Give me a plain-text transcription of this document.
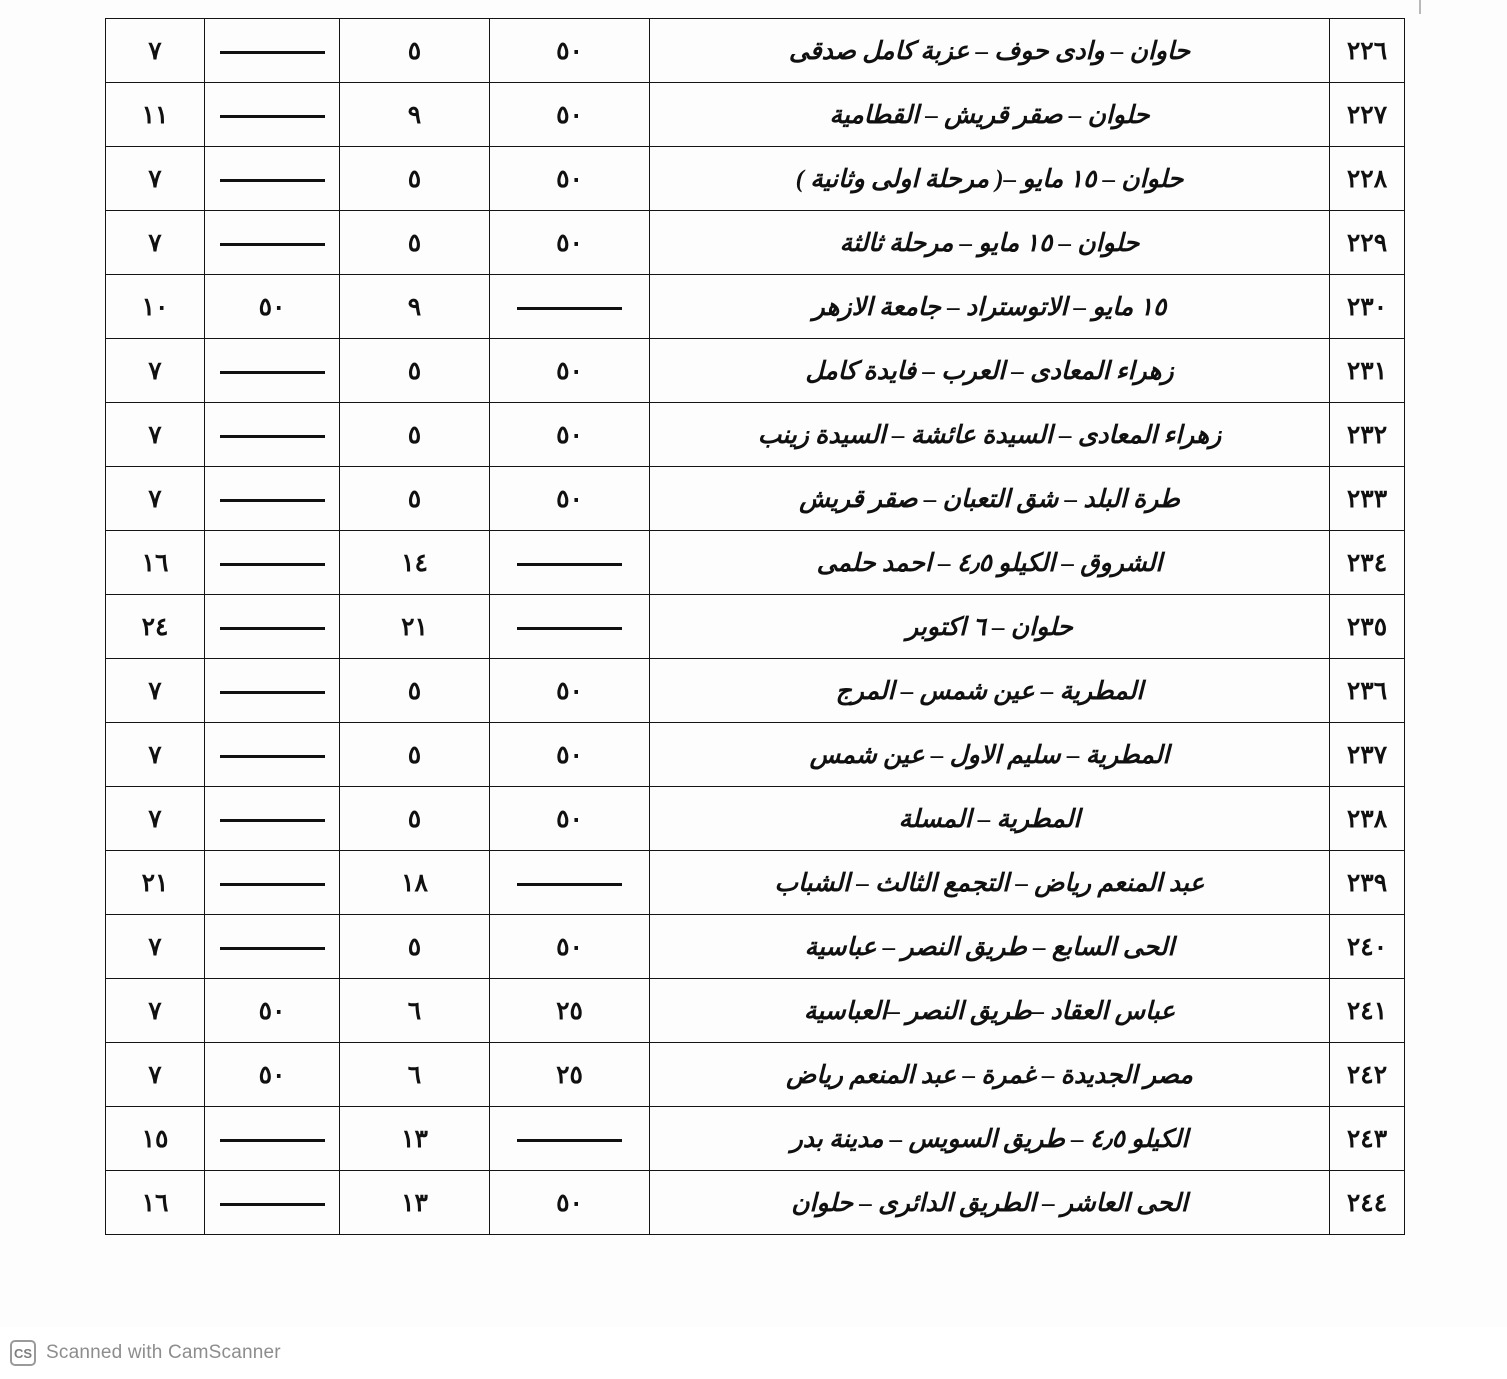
٢٢٦	حاوان – وادى حوف – عزبة كامل صدقى	٥٠	٥		٧
٢٢٧	حلوان – صقر قريش – القطامية	٥٠	٩		١١
٢٢٨	حلوان – ١٥ مايو –( مرحلة اولى وثانية )	٥٠	٥		٧
٢٢٩	حلوان – ١٥ مايو – مرحلة ثالثة	٥٠	٥		٧
٢٣٠	١٥ مايو – الاتوستراد – جامعة الازهر		٩	٥٠	١٠
٢٣١	زهراء المعادى – العرب – فايدة كامل	٥٠	٥		٧
٢٣٢	زهراء المعادى – السيدة عائشة – السيدة زينب	٥٠	٥		٧
٢٣٣	طرة البلد – شق التعبان – صقر قريش	٥٠	٥		٧
٢٣٤	الشروق – الكيلو ٤٫٥ – احمد حلمى		١٤		١٦
٢٣٥	حلوان – ٦ اكتوبر		٢١		٢٤
٢٣٦	المطرية – عين شمس – المرج	٥٠	٥		٧
٢٣٧	المطرية – سليم الاول – عين شمس	٥٠	٥		٧
٢٣٨	المطرية – المسلة	٥٠	٥		٧
٢٣٩	عبد المنعم رياض – التجمع الثالث – الشباب		١٨		٢١
٢٤٠	الحى السابع – طريق النصر – عباسية	٥٠	٥		٧
٢٤١	عباس العقاد –طريق النصر –العباسية	٢٥	٦	٥٠	٧
٢٤٢	مصر الجديدة – غمرة – عبد المنعم رياض	٢٥	٦	٥٠	٧
٢٤٣	الكيلو ٤٫٥ – طريق السويس – مدينة بدر		١٣		١٥
٢٤٤	الحى العاشر – الطريق الدائرى – حلوان	٥٠	١٣		١٦
CS Scanned with CamScanner
